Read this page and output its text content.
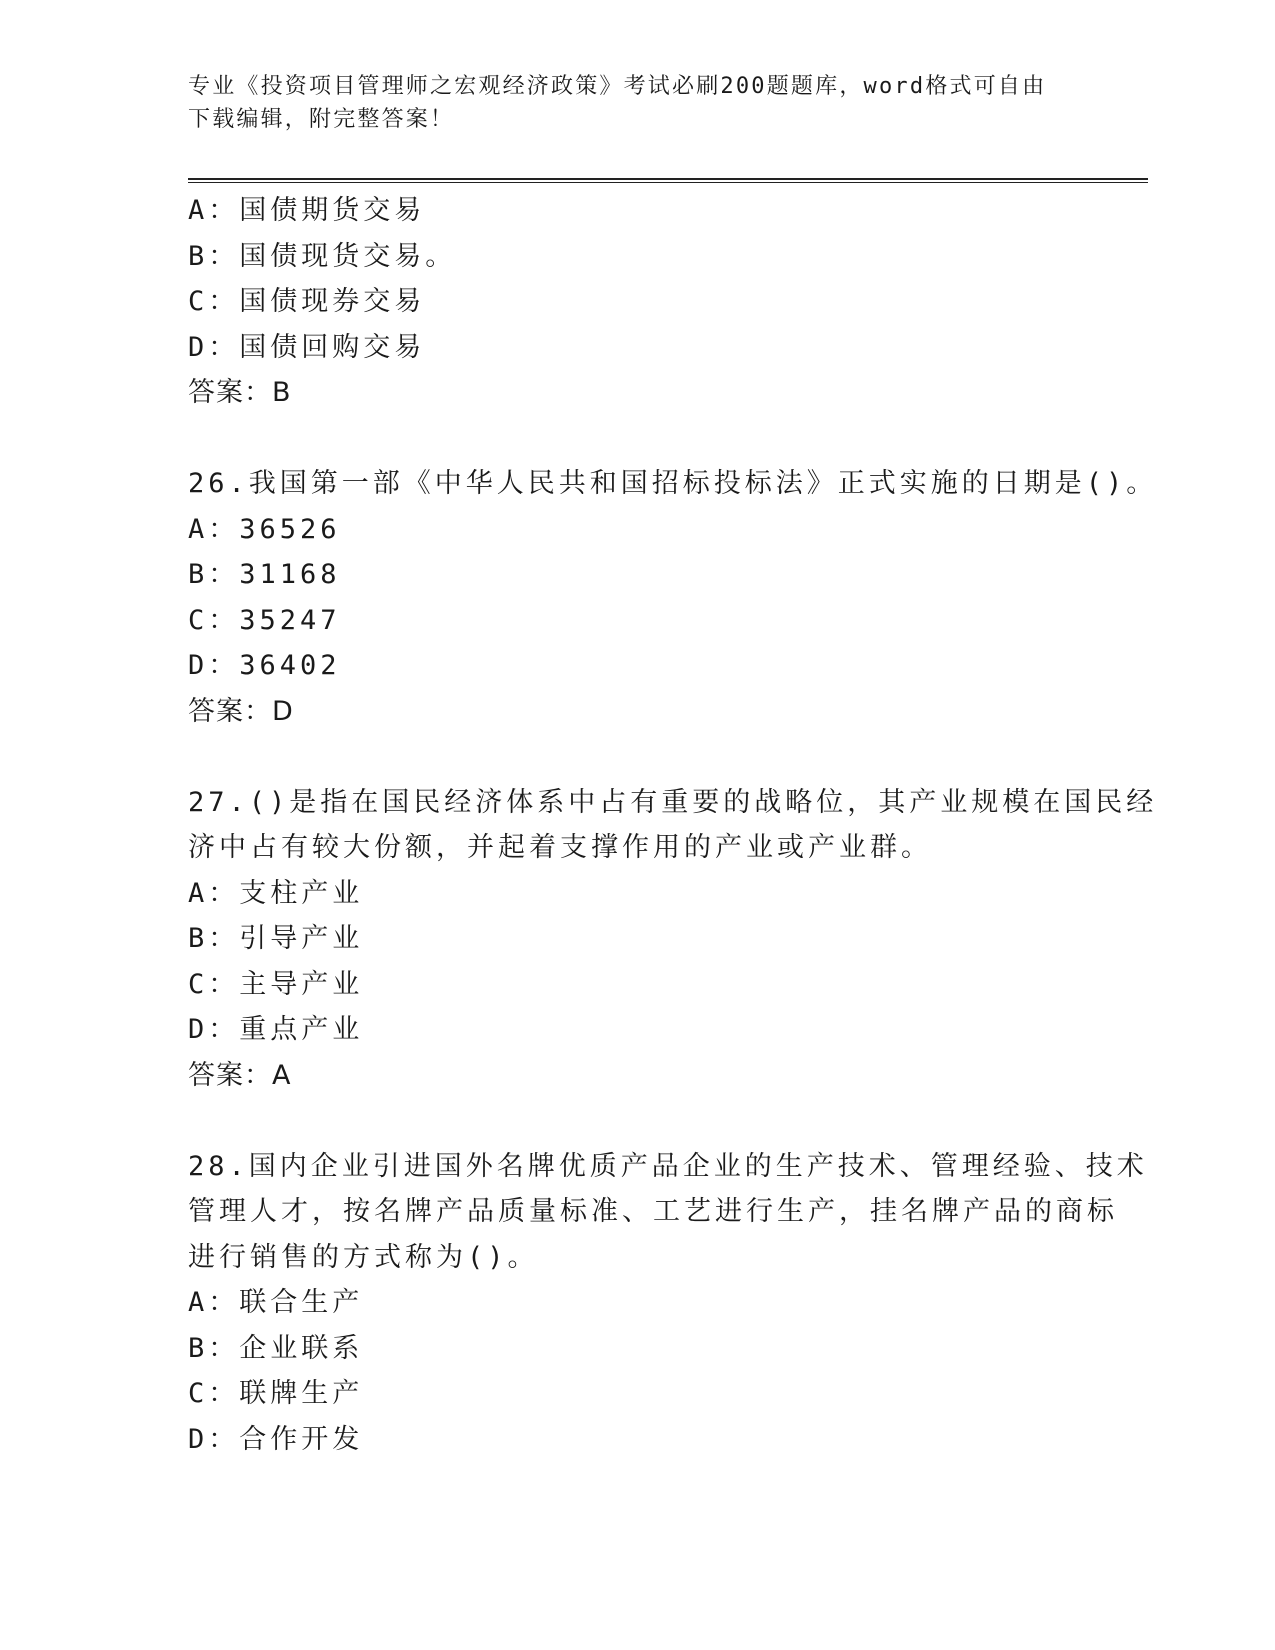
专业《投资项目管理师之宏观经济政策》考试必刷200题题库，word格式可自由
下载编辑，附完整答案！
A：国债期货交易
B：国债现货交易。
C：国债现券交易
D：国债回购交易
答案：B
26.我国第一部《中华人民共和国招标投标法》正式实施的日期是()。
A：36526
B：31168
C：35247
D：36402
答案：D
27.()是指在国民经济体系中占有重要的战略位，其产业规模在国民经
济中占有较大份额，并起着支撑作用的产业或产业群。
A：支柱产业
B：引导产业
C：主导产业
D：重点产业
答案：A
28.国内企业引进国外名牌优质产品企业的生产技术、管理经验、技术
管理人才，按名牌产品质量标准、工艺进行生产，挂名牌产品的商标
进行销售的方式称为()。
A：联合生产
B：企业联系
C：联牌生产
D：合作开发
